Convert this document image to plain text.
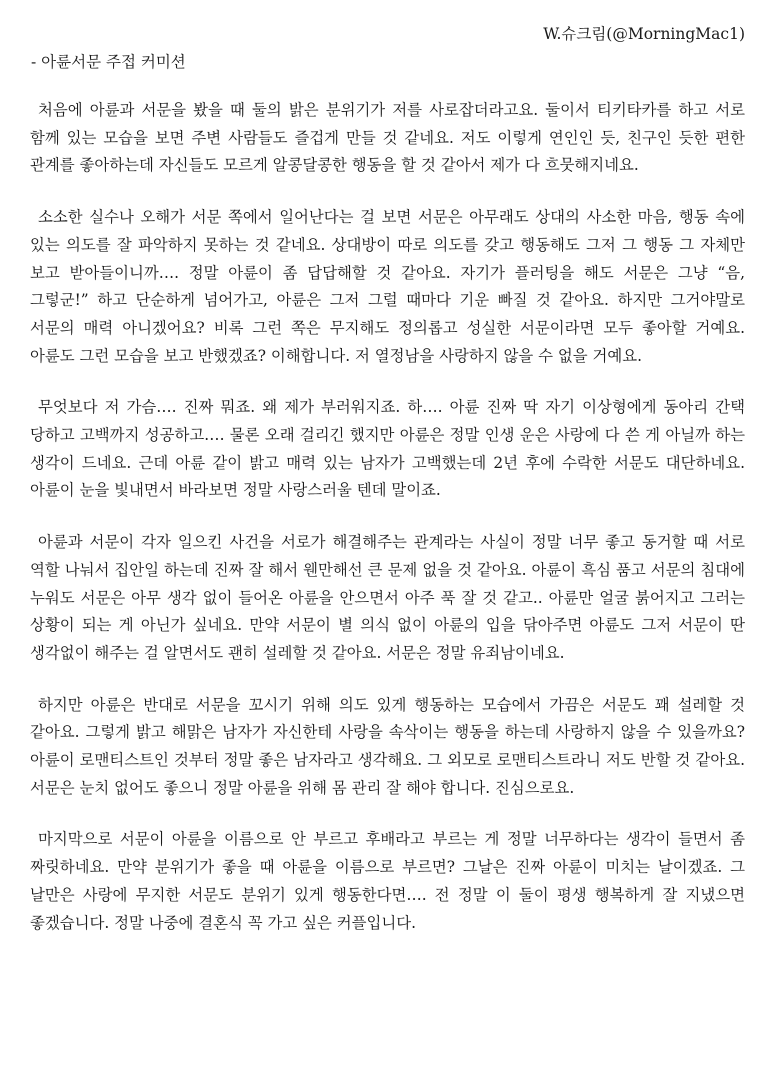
W.슈크림(@MorningMac1)
- 아륜서문 주접 커미션

처음에 아륜과 서문을 봤을 때 둘의 밝은 분위기가 저를 사로잡더라고요. 둘이서 티키타카를 하고 서로 함께 있는 모습을 보면 주변 사람들도 즐겁게 만들 것 같네요. 저도 이렇게 연인인 듯, 친구인 듯한 편한 관계를 좋아하는데 자신들도 모르게 알콩달콩한 행동을 할 것 같아서 제가 다 흐뭇해지네요.

소소한 실수나 오해가 서문 쪽에서 일어난다는 걸 보면 서문은 아무래도 상대의 사소한 마음, 행동 속에 있는 의도를 잘 파악하지 못하는 것 같네요. 상대방이 따로 의도를 갖고 행동해도 그저 그 행동 그 자체만 보고 받아들이니까…. 정말 아륜이 좀 답답해할 것 같아요. 자기가 플러팅을 해도 서문은 그냥 “음, 그렇군!” 하고 단순하게 넘어가고, 아륜은 그저 그럴 때마다 기운 빠질 것 같아요. 하지만 그거야말로 서문의 매력 아니겠어요? 비록 그런 쪽은 무지해도 정의롭고 성실한 서문이라면 모두 좋아할 거예요. 아륜도 그런 모습을 보고 반했겠죠? 이해합니다. 저 열정남을 사랑하지 않을 수 없을 거예요.

무엇보다 저 가슴…. 진짜 뭐죠. 왜 제가 부러워지죠. 하…. 아륜 진짜 딱 자기 이상형에게 동아리 간택 당하고 고백까지 성공하고…. 물론 오래 걸리긴 했지만 아륜은 정말 인생 운은 사랑에 다 쓴 게 아닐까 하는 생각이 드네요. 근데 아륜 같이 밝고 매력 있는 남자가 고백했는데 2년 후에 수락한 서문도 대단하네요. 아륜이 눈을 빛내면서 바라보면 정말 사랑스러울 텐데 말이죠.

아륜과 서문이 각자 일으킨 사건을 서로가 해결해주는 관계라는 사실이 정말 너무 좋고 동거할 때 서로 역할 나눠서 집안일 하는데 진짜 잘 해서 웬만해선 큰 문제 없을 것 같아요. 아륜이 흑심 품고 서문의 침대에 누워도 서문은 아무 생각 없이 들어온 아륜을 안으면서 아주 푹 잘 것 같고.. 아륜만 얼굴 붉어지고 그러는 상황이 되는 게 아닌가 싶네요. 만약 서문이 별 의식 없이 아륜의 입을 닦아주면 아륜도 그저 서문이 딴 생각없이 해주는 걸 알면서도 괜히 설레할 것 같아요. 서문은 정말 유죄남이네요.

하지만 아륜은 반대로 서문을 꼬시기 위해 의도 있게 행동하는 모습에서 가끔은 서문도 꽤 설레할 것 같아요. 그렇게 밝고 해맑은 남자가 자신한테 사랑을 속삭이는 행동을 하는데 사랑하지 않을 수 있을까요? 아륜이 로맨티스트인 것부터 정말 좋은 남자라고 생각해요. 그 외모로 로맨티스트라니 저도 반할 것 같아요. 서문은 눈치 없어도 좋으니 정말 아륜을 위해 몸 관리 잘 해야 합니다. 진심으로요.

마지막으로 서문이 아륜을 이름으로 안 부르고 후배라고 부르는 게 정말 너무하다는 생각이 들면서 좀 짜릿하네요. 만약 분위기가 좋을 때 아륜을 이름으로 부르면? 그날은 진짜 아륜이 미치는 날이겠죠. 그 날만은 사랑에 무지한 서문도 분위기 있게 행동한다면…. 전 정말 이 둘이 평생 행복하게 잘 지냈으면 좋겠습니다. 정말 나중에 결혼식 꼭 가고 싶은 커플입니다.
